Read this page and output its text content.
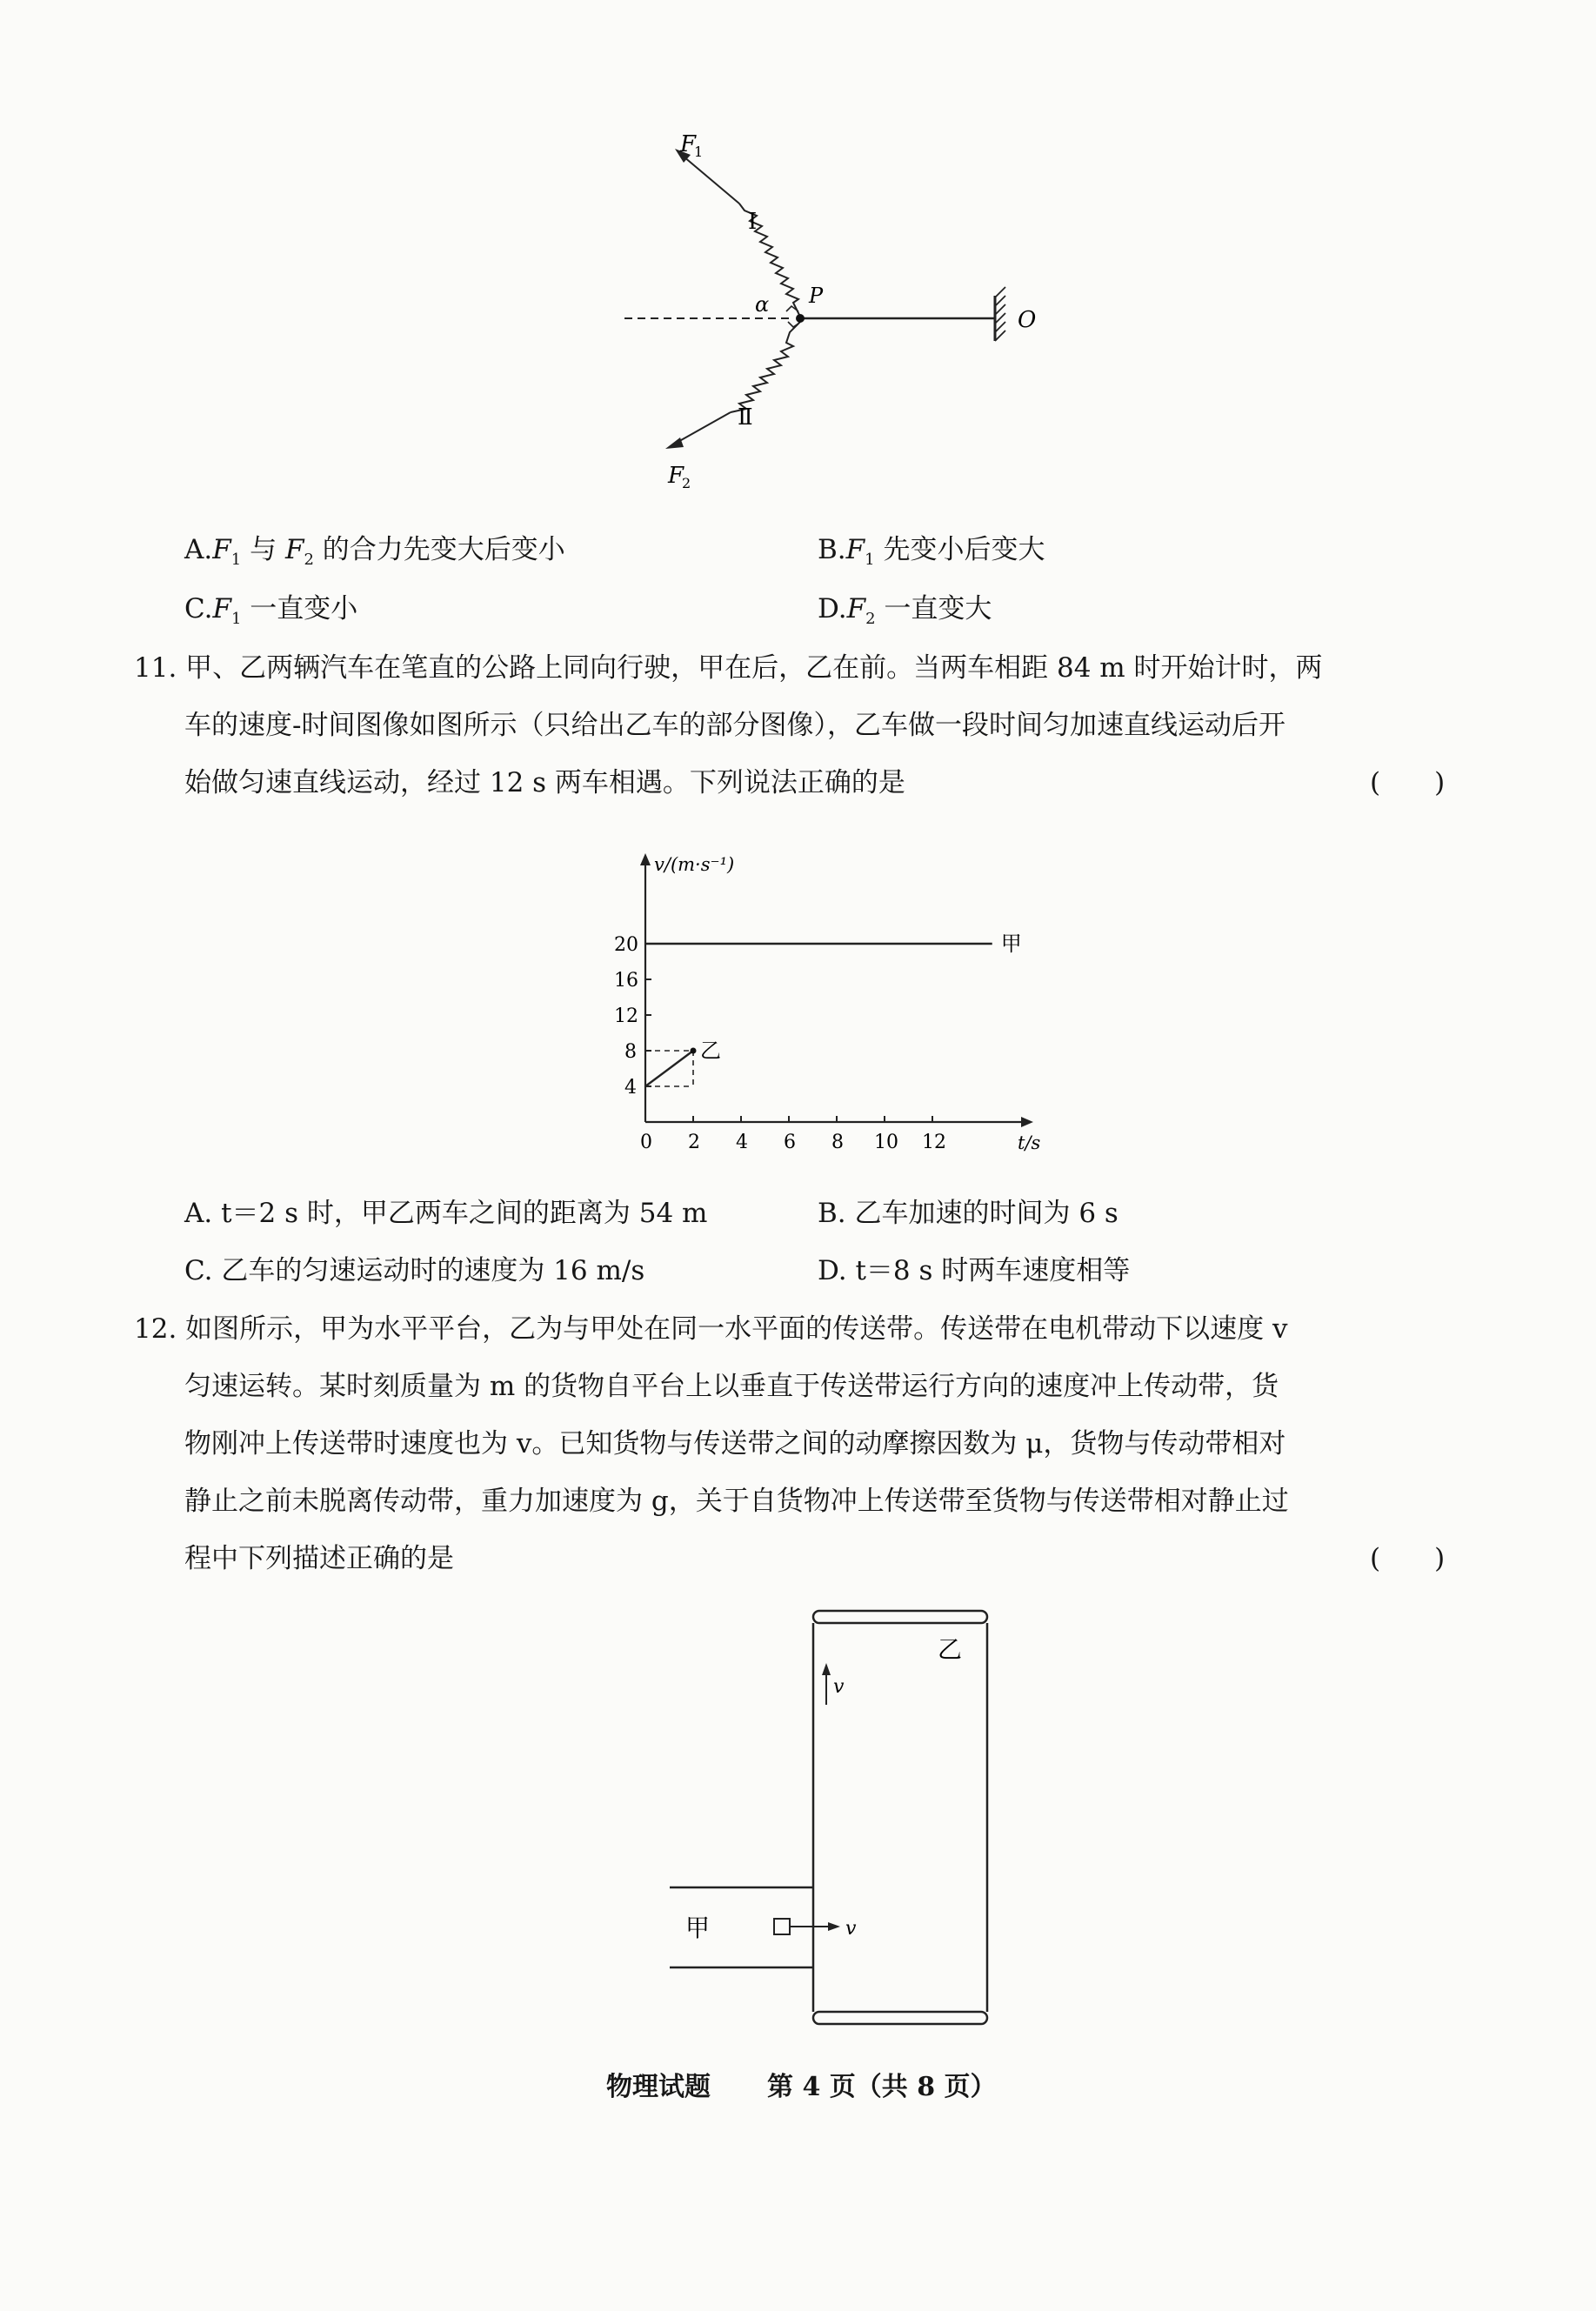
F
1
I
α P
O
Ⅱ
F
2
$A.F_1$ 与 $F_2$ 的合力先变大后变小	$B.F_1$ 先变小后变大
$C.F_1$ 一直变小	$D.F_2$ 一直变大
11. 甲、乙两辆汽车在笔直的公路上同向行驶，甲在后，乙在前。当两车相距 84 m 时开始计时，两
车的速度-时间图像如图所示（只给出乙车的部分图像），乙车做一段时间匀加速直线运动后开
始做匀速直线运动，经过 12 s 两车相遇。下列说法正确的是	(　　)
v/(m·s⁻¹)
t/s
0 2 4 6 8 10 12
4
8
12
16
20	甲
乙
A. t＝2 s 时，甲乙两车之间的距离为 54 m	B. 乙车加速的时间为 6 s
C. 乙车的匀速运动时的速度为 16 m/s	D. t＝8 s 时两车速度相等
12. 如图所示，甲为水平平台，乙为与甲处在同一水平面的传送带。传送带在电机带动下以速度 v
匀速运转。某时刻质量为 m 的货物自平台上以垂直于传送带运行方向的速度冲上传动带，货
物刚冲上传送带时速度也为 v。已知货物与传送带之间的动摩擦因数为 μ，货物与传动带相对
静止之前未脱离传动带，重力加速度为 g，关于自货物冲上传送带至货物与传送带相对静止过
程中下列描述正确的是	(　　)
v
乙
甲	v
物理试题 第 4 页（共 8 页）
